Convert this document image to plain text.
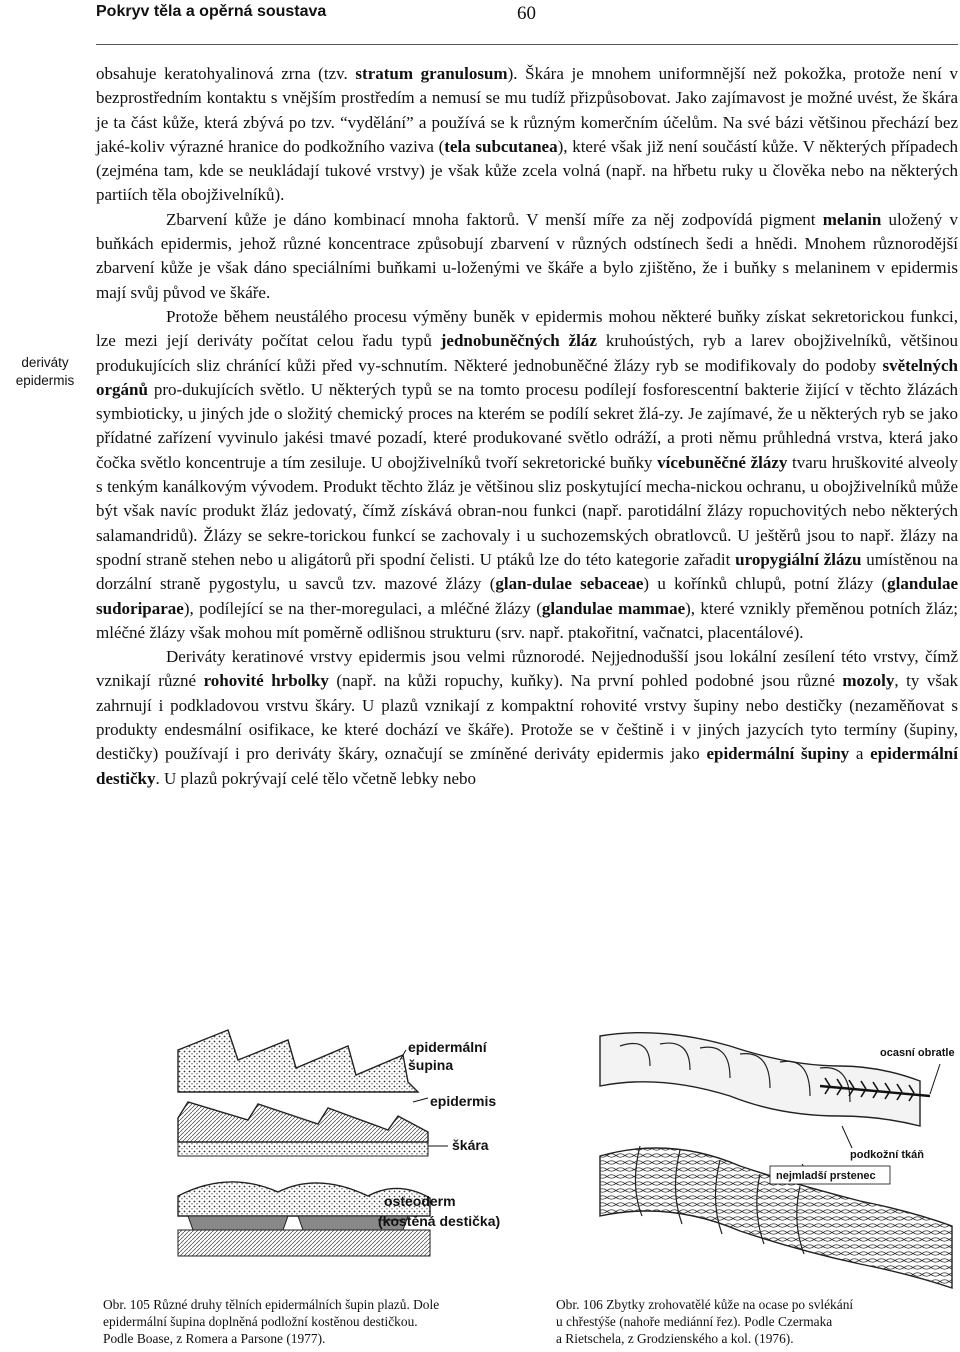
Pokryv těla a opěrná soustava	60
deriváty
epidermis

obsahuje keratohyalinová zrna (tzv. stratum granulosum). Škára je mnohem uniformnější než pokožka, protože není v bezprostředním kontaktu s vnějším prostředím a nemusí se mu tudíž přizpůsobovat. Jako zajímavost je možné uvést, že škára je ta část kůže, která zbývá po tzv. “vydělání” a používá se k různým komerčním účelům. Na své bázi většinou přechází bez jaké-koliv výrazné hranice do podkožního vaziva (tela subcutanea), které však již není součástí kůže. V některých případech (zejména tam, kde se neukládají tukové vrstvy) je však kůže zcela volná (např. na hřbetu ruky u člověka nebo na některých partiích těla obojživelníků).

Zbarvení kůže je dáno kombinací mnoha faktorů. V menší míře za něj zodpovídá pigment melanin uložený v buňkách epidermis, jehož různé koncentrace způsobují zbarvení v různých odstínech šedi a hnědi. Mnohem různorodější zbarvení kůže je však dáno speciálními buňkami u-loženými ve škáře a bylo zjištěno, že i buňky s melaninem v epidermis mají svůj původ ve škáře.

Protože během neustálého procesu výměny buněk v epidermis mohou některé buňky získat sekretorickou funkci, lze mezi její deriváty počítat celou řadu typů jednobuněčných žláz kruhoústých, ryb a larev obojživelníků, většinou produkujících sliz chránící kůži před vy-schnutím. Některé jednobuněčné žlázy ryb se modifikovaly do podoby světelných orgánů pro-dukujících světlo. U některých typů se na tomto procesu podílejí fosforescentní bakterie žijící v těchto žlázách symbioticky, u jiných jde o složitý chemický proces na kterém se podílí sekret žlá-zy. Je zajímavé, že u některých ryb se jako přídatné zařízení vyvinulo jakési tmavé pozadí, které produkované světlo odráží, a proti němu průhledná vrstva, která jako čočka světlo koncentruje a tím zesiluje. U obojživelníků tvoří sekretorické buňky vícebuněčné žlázy tvaru hruškovité alveoly s tenkým kanálkovým vývodem. Produkt těchto žláz je většinou sliz poskytující mecha-nickou ochranu, u obojživelníků může být však navíc produkt žláz jedovatý, čímž získává obran-nou funkci (např. parotidální žlázy ropuchovitých nebo některých salamandridů). Žlázy se sekre-torickou funkcí se zachovaly i u suchozemských obratlovců. U ještěrů jsou to např. žlázy na spodní straně stehen nebo u aligátorů při spodní čelisti. U ptáků lze do této kategorie zařadit uropygiální žlázu umístěnou na dorzální straně pygostylu, u savců tzv. mazové žlázy (glan-dulae sebaceae) u kořínků chlupů, potní žlázy (glandulae sudoriparae), podílející se na ther-moregulaci, a mléčné žlázy (glandulae mammae), které vznikly přeměnou potních žláz; mléčné žlázy však mohou mít poměrně odlišnou strukturu (srv. např. ptakořitní, vačnatci, placentálové).

Deriváty keratinové vrstvy epidermis jsou velmi různorodé. Nejjednodušší jsou lokální zesílení této vrstvy, čímž vznikají různé rohovité hrbolky (např. na kůži ropuchy, kuňky). Na první pohled podobné jsou různé mozoly, ty však zahrnují i podkladovou vrstvu škáry. U plazů vznikají z kompaktní rohovité vrstvy šupiny nebo destičky (nezaměňovat s produkty endesmální osifikace, ke které dochází ve škáře). Protože se v češtině i v jiných jazycích tyto termíny (šupiny, destičky) používají i pro deriváty škáry, označují se zmíněné deriváty epidermis jako epidermální šupiny a epidermální destičky. U plazů pokrývají celé tělo včetně lebky nebo

epidermální
šupina
epidermis
škára
osteoderm
(kostěná destička)
ocasní obratle
podkožní tkáň
nejmladší prstenec
Obr. 105 Různé druhy tělních epidermálních šupin plazů. Dole
epidermální šupina doplněná podložní kostěnou destičkou.
Podle Boase, z Romera a Parsone (1977).
Obr. 106 Zbytky zrohovatělé kůže na ocase po svlékání
u chřestýše (nahoře mediánní řez). Podle Czermaka
a Rietschela, z Grodzienského a kol. (1976).
